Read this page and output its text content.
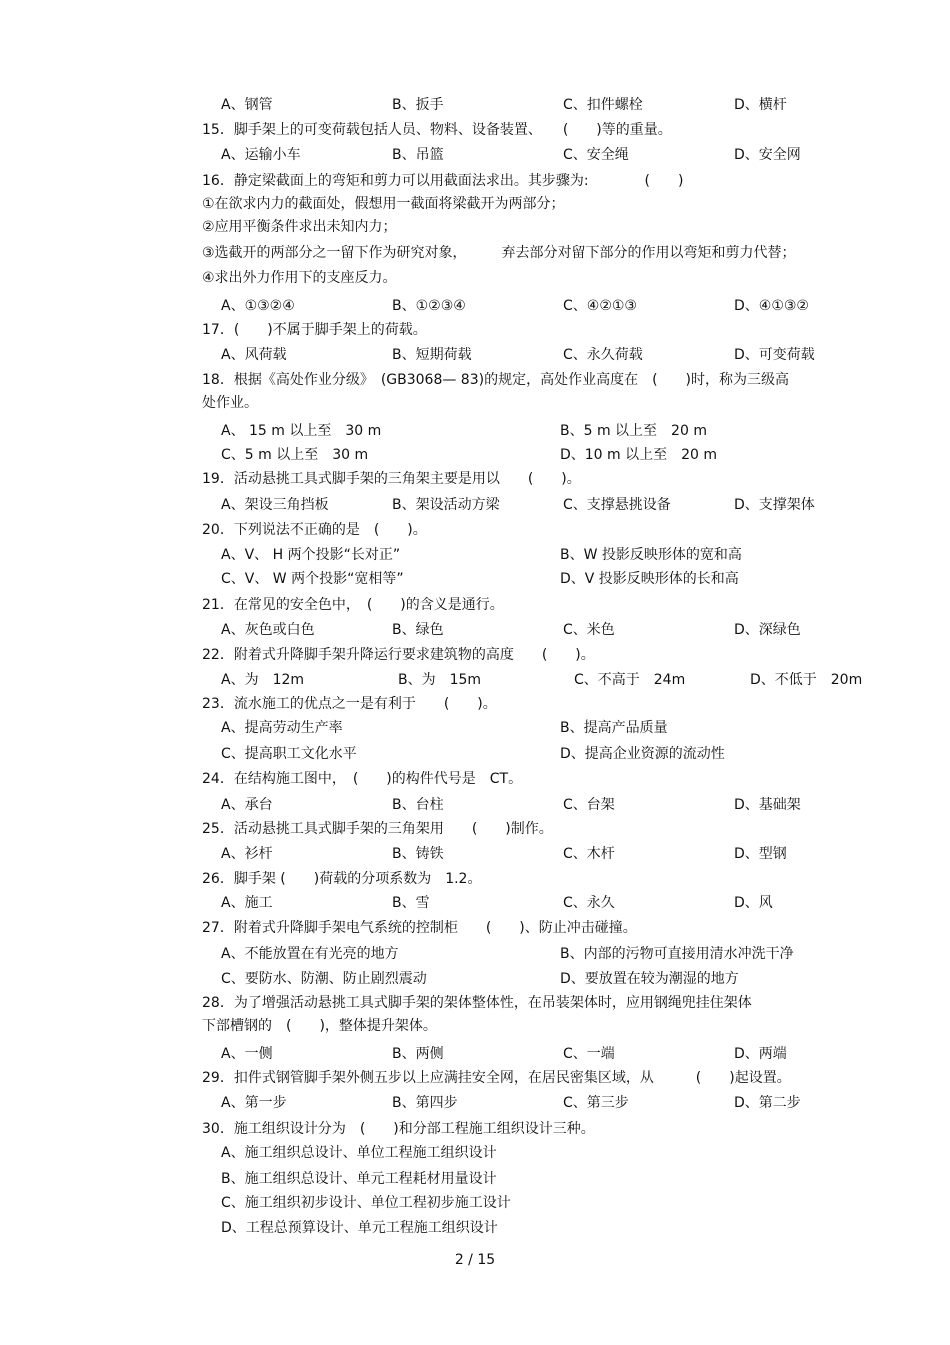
A、钢管	B、扳手	C、扣件螺栓	D、横杆
15．脚手架上的可变荷载包括人员、物料、设备装置、　　(　　)等的重量。
A、运输小车	B、吊篮	C、安全绳	D、安全网
16．静定梁截面上的弯矩和剪力可以用截面法求出。其步骤为:　　　　(　　)
①在欲求内力的截面处，假想用一截面将梁截开为两部分；
②应用平衡条件求出未知内力；
③选截开的两部分之一留下作为研究对象，　　　弃去部分对留下部分的作用以弯矩和剪力代替；
④求出外力作用下的支座反力。
A、①③②④	B、①②③④	C、④②①③	D、④①③②
17．(　　)不属于脚手架上的荷载。
A、风荷载	B、短期荷载	C、永久荷载	D、可变荷载
18．根据《高处作业分级》　(GB3068— 83)的规定，高处作业高度在　(　　)时，称为三级高
处作业。
A、 15 m 以上至　30 m	B、5 m 以上至　20 m
C、5 m 以上至　30 m	D、10 m 以上至　20 m
19．活动悬挑工具式脚手架的三角架主要是用以　　(　　)。
A、架设三角挡板	B、架设活动方梁	C、支撑悬挑设备	D、支撑架体
20．下列说法不正确的是　(　　)。
A、V、 H 两个投影“长对正”	B、W 投影反映形体的宽和高
C、V、 W 两个投影“宽相等”	D、V 投影反映形体的长和高
21．在常见的安全色中，　(　　)的含义是通行。
A、灰色或白色	B、绿色	C、米色	D、深绿色
22．附着式升降脚手架升降运行要求建筑物的高度　　(　　)。
A、为　12m	B、为　15m	C、不高于　24m	D、不低于　20m
23．流水施工的优点之一是有利于　　(　　)。
A、提高劳动生产率	B、提高产品质量
C、提高职工文化水平	D、提高企业资源的流动性
24．在结构施工图中，　(　　)的构件代号是　CT。
A、承台	B、台柱	C、台架	D、基础架
25．活动悬挑工具式脚手架的三角架用　　(　　)制作。
A、衫杆	B、铸铁	C、木杆	D、型钢
26．脚手架 (　　)荷载的分项系数为　1.2。
A、施工	B、雪	C、永久	D、风
27．附着式升降脚手架电气系统的控制柜　　(　　)、防止冲击碰撞。
A、不能放置在有光亮的地方	B、内部的污物可直接用清水冲洗干净
C、要防水、防潮、防止剧烈震动	D、要放置在较为潮湿的地方
28．为了增强活动悬挑工具式脚手架的架体整体性，在吊装架体时，应用钢绳兜挂住架体
下部槽钢的　(　　)，整体提升架体。
A、一侧	B、两侧	C、一端	D、两端
29．扣件式钢管脚手架外侧五步以上应满挂安全网，在居民密集区域，从　　　(　　)起设置。
A、第一步	B、第四步	C、第三步	D、第二步
30．施工组织设计分为　(　　)和分部工程施工组织设计三种。
A、施工组织总设计、单位工程施工组织设计
B、施工组织总设计、单元工程耗材用量设计
C、施工组织初步设计、单位工程初步施工设计
D、工程总预算设计、单元工程施工组织设计
2 / 15
